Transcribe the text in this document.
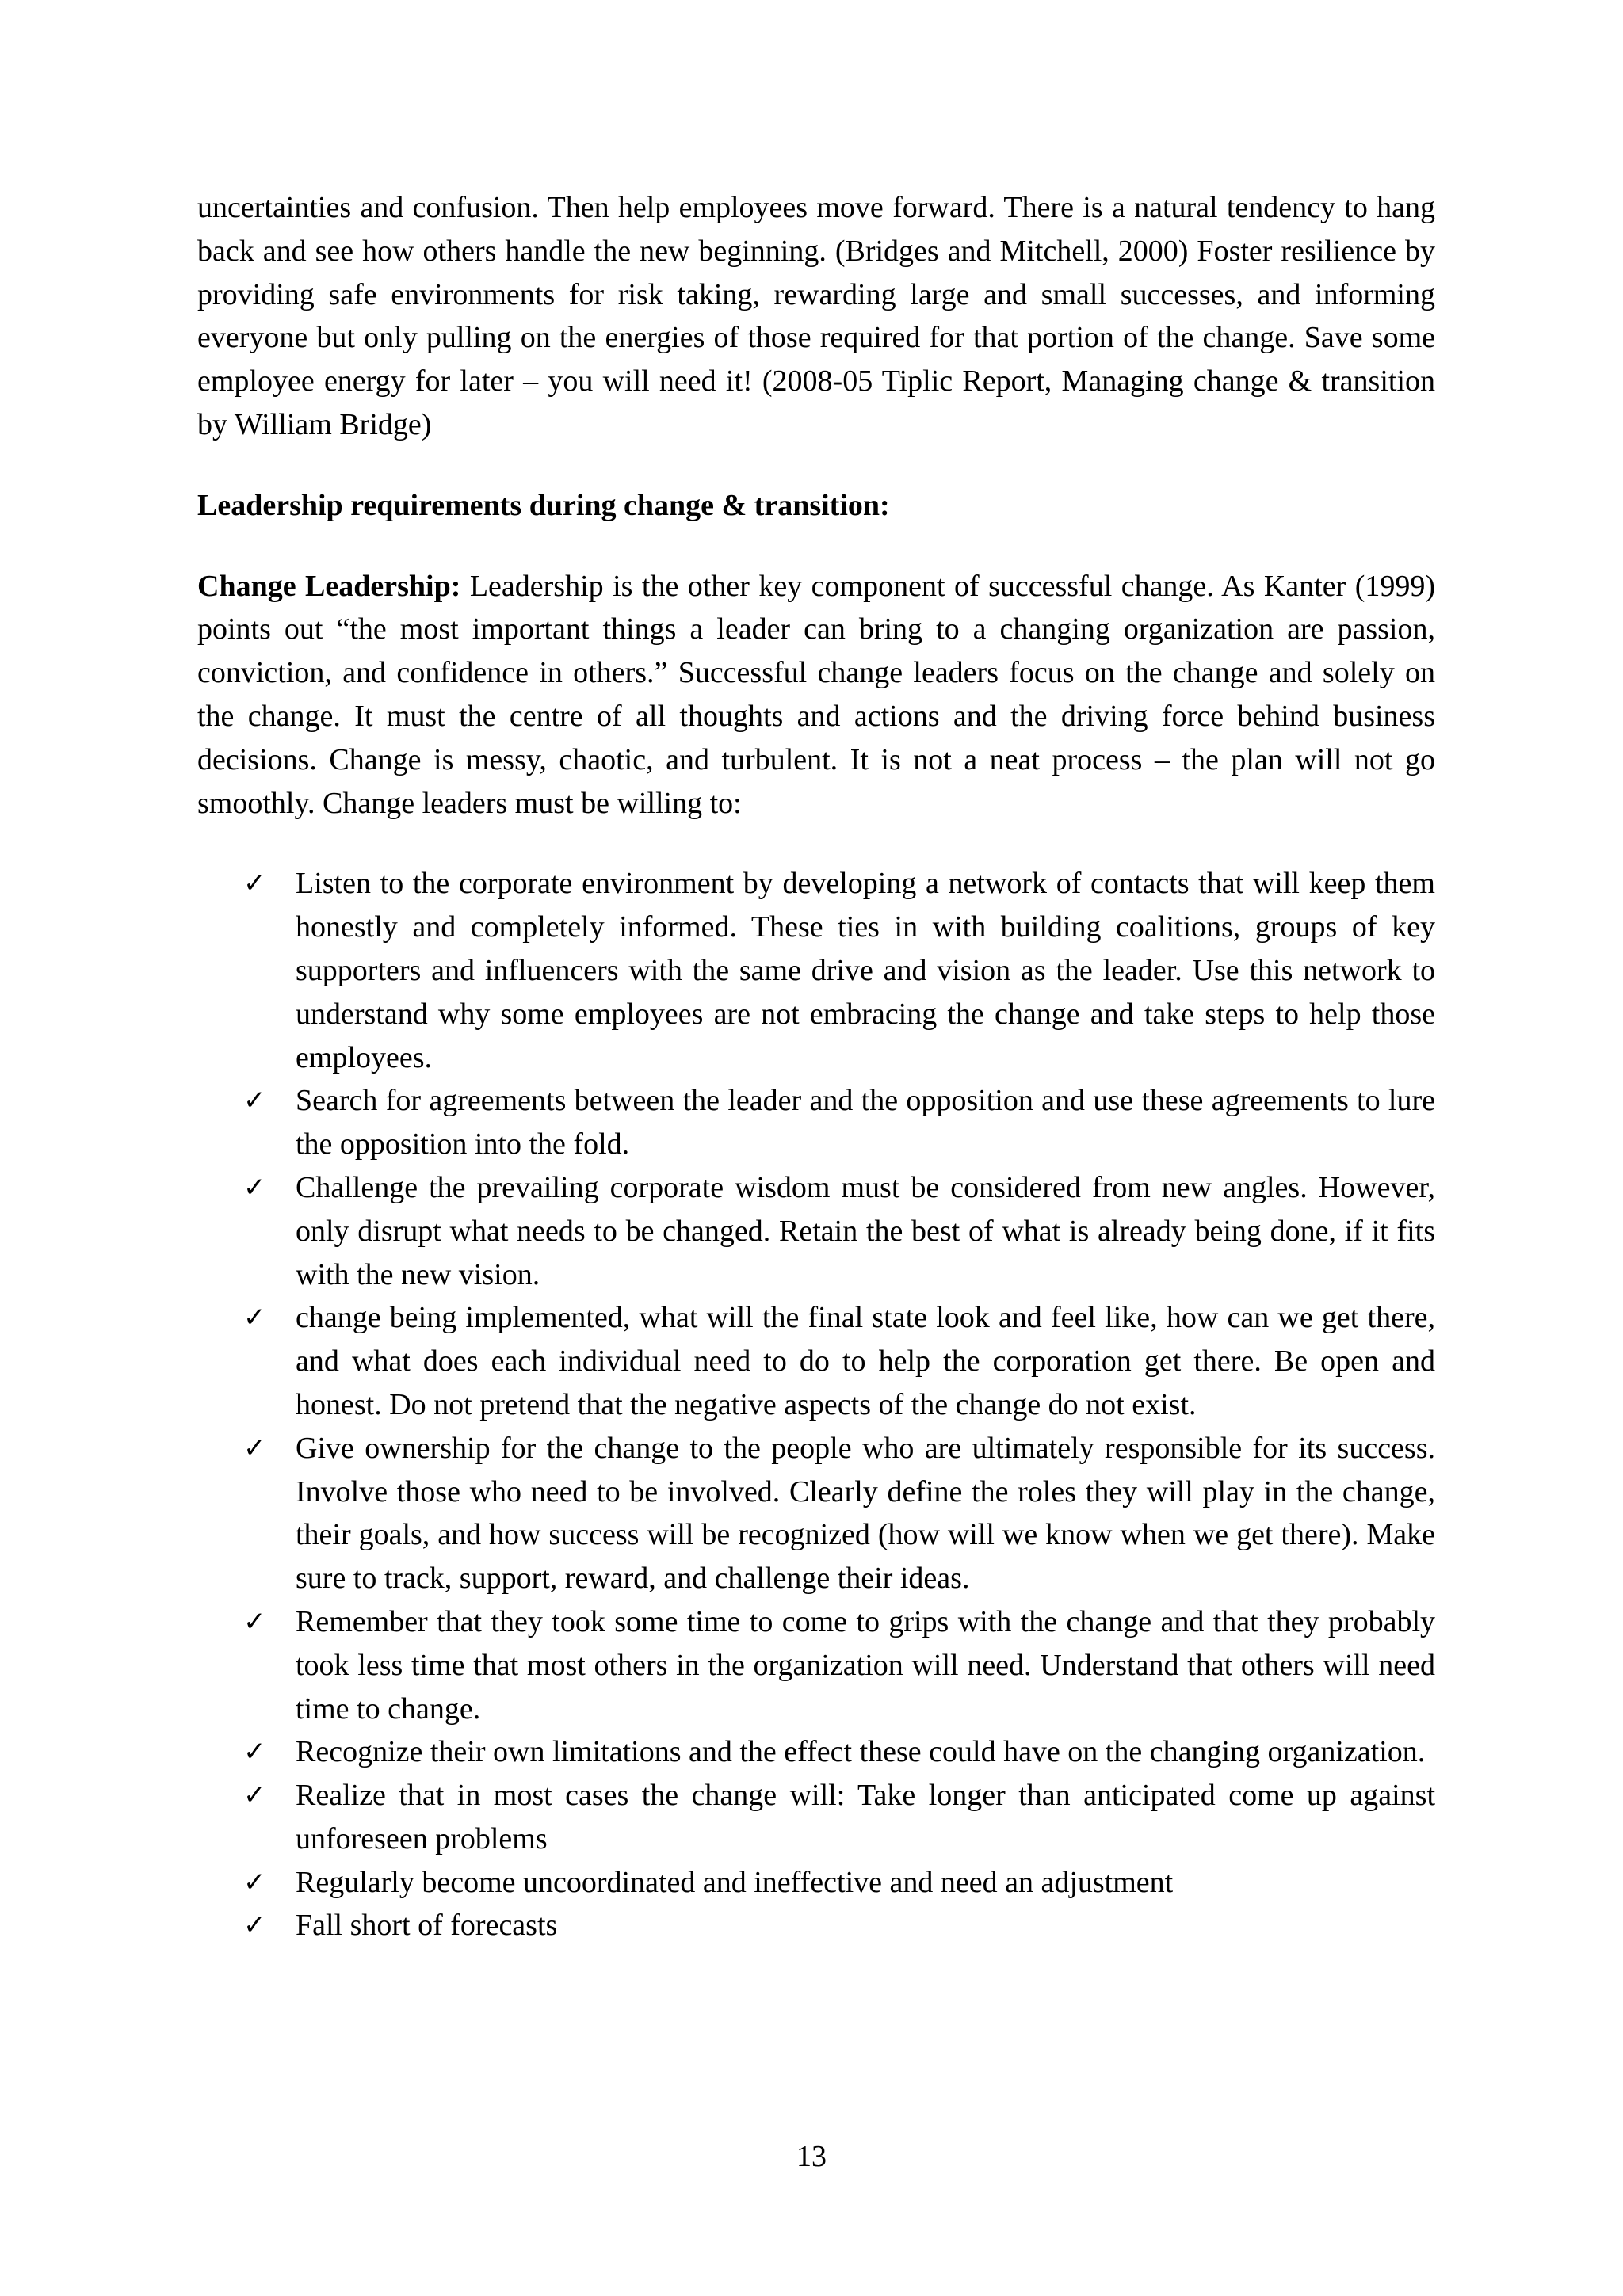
uncertainties and confusion. Then help employees move forward. There is a natural tendency to hang back and see how others handle the new beginning. (Bridges and Mitchell, 2000) Foster resilience by providing safe environments for risk taking, rewarding large and small successes, and informing everyone but only pulling on the energies of those required for that portion of the change. Save some employee energy for later – you will need it! (2008-05 Tiplic Report, Managing change & transition by William Bridge)

Leadership requirements during change & transition:

Change Leadership: Leadership is the other key component of successful change. As Kanter (1999) points out “the most important things a leader can bring to a changing organization are passion, conviction, and confidence in others.” Successful change leaders focus on the change and solely on the change. It must the centre of all thoughts and actions and the driving force behind business decisions. Change is messy, chaotic, and turbulent. It is not a neat process – the plan will not go smoothly. Change leaders must be willing to:

✓ Listen to the corporate environment by developing a network of contacts that will keep them honestly and completely informed. These ties in with building coalitions, groups of key supporters and influencers with the same drive and vision as the leader. Use this network to understand why some employees are not embracing the change and take steps to help those employees.
✓ Search for agreements between the leader and the opposition and use these agreements to lure the opposition into the fold.
✓ Challenge the prevailing corporate wisdom must be considered from new angles. However, only disrupt what needs to be changed. Retain the best of what is already being done, if it fits with the new vision.
✓ change being implemented, what will the final state look and feel like, how can we get there, and what does each individual need to do to help the corporation get there. Be open and honest. Do not pretend that the negative aspects of the change do not exist.
✓ Give ownership for the change to the people who are ultimately responsible for its success. Involve those who need to be involved. Clearly define the roles they will play in the change, their goals, and how success will be recognized (how will we know when we get there). Make sure to track, support, reward, and challenge their ideas.
✓ Remember that they took some time to come to grips with the change and that they probably took less time that most others in the organization will need. Understand that others will need time to change.
✓ Recognize their own limitations and the effect these could have on the changing organization.
✓ Realize that in most cases the change will: Take longer than anticipated come up against unforeseen problems
✓ Regularly become uncoordinated and ineffective and need an adjustment
✓ Fall short of forecasts
13
